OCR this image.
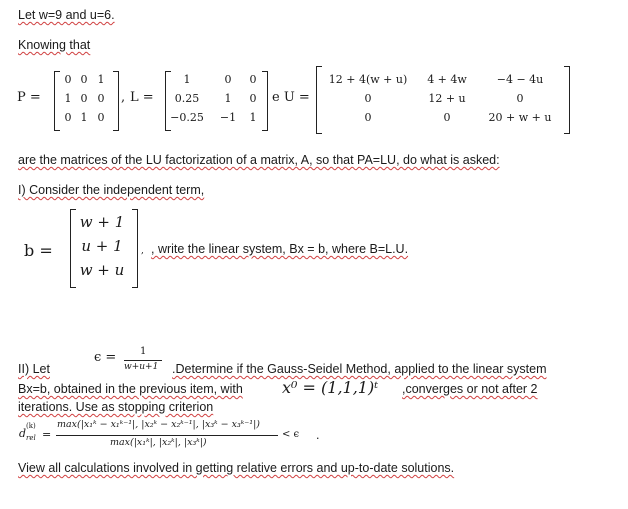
Let w=9 and u=6.
Knowing that
P =
0 0 1
1 0 0
0 1 0
, L =
1	0	0
0.25	1	0
−0.25	−1	1
e U =
12 + 4(w + u)	4 + 4w	−4 − 4u
0	12 + u	0
0	0	20 + w + u
are the matrices of the LU factorization of a matrix, A, so that PA=LU, do what is asked:
I) Consider the independent term,
b =
w + 1
u + 1
w + u
, , write the linear system, Bx = b, where B=L.U.
II) Let
ϵ = 1
w+u+1 .Determine if the Gauss-Seidel Method, applied to the linear system
Bx=b, obtained in the previous item, with x⁰ = (1,1,1)ᵗ ,converges or not after 2
iterations. Use as stopping criterion
d
(k)
rel =
max(|x₁ᵏ − x₁ᵏ⁻¹|, |x₂ᵏ − x₂ᵏ⁻¹|, |x₃ᵏ − x₃ᵏ⁻¹|)
max(|x₁ᵏ|, |x₂ᵏ|, |x₃ᵏ|)
< ϵ .
View all calculations involved in getting relative errors and up-to-date solutions.
